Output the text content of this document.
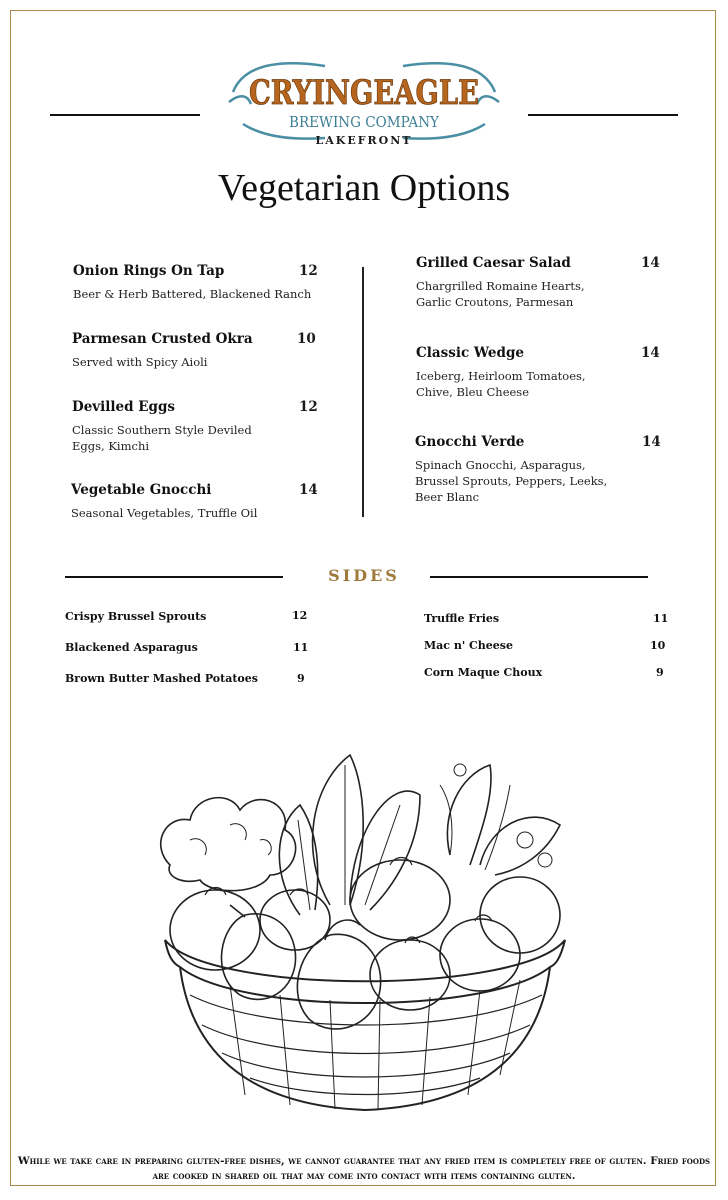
CRYINGEAGLE
BREWING COMPANY
LAKEFRONT
Vegetarian Options
Onion Rings On Tap	12
Beer & Herb Battered, Blackened Ranch
Parmesan Crusted Okra	10
Served with Spicy Aioli
Devilled Eggs	12
Classic Southern Style Deviled Eggs, Kimchi
Vegetable Gnocchi	14
Seasonal Vegetables, Truffle Oil
Grilled Caesar Salad	14
Chargrilled Romaine Hearts, Garlic Croutons, Parmesan
Classic Wedge	14
Iceberg, Heirloom Tomatoes, Chive, Bleu Cheese
Gnocchi Verde	14
Spinach Gnocchi, Asparagus, Brussel Sprouts, Peppers, Leeks, Beer Blanc
SIDES
Crispy Brussel Sprouts	12
Blackened Asparagus	11
Brown Butter Mashed Potatoes	9
Truffle Fries	11
Mac n' Cheese	10
Corn Maque Choux	9
While we take care in preparing gluten-free dishes, we cannot guarantee that any fried item is completely free of gluten. Fried foods are cooked in shared oil that may come into contact with items containing gluten.
